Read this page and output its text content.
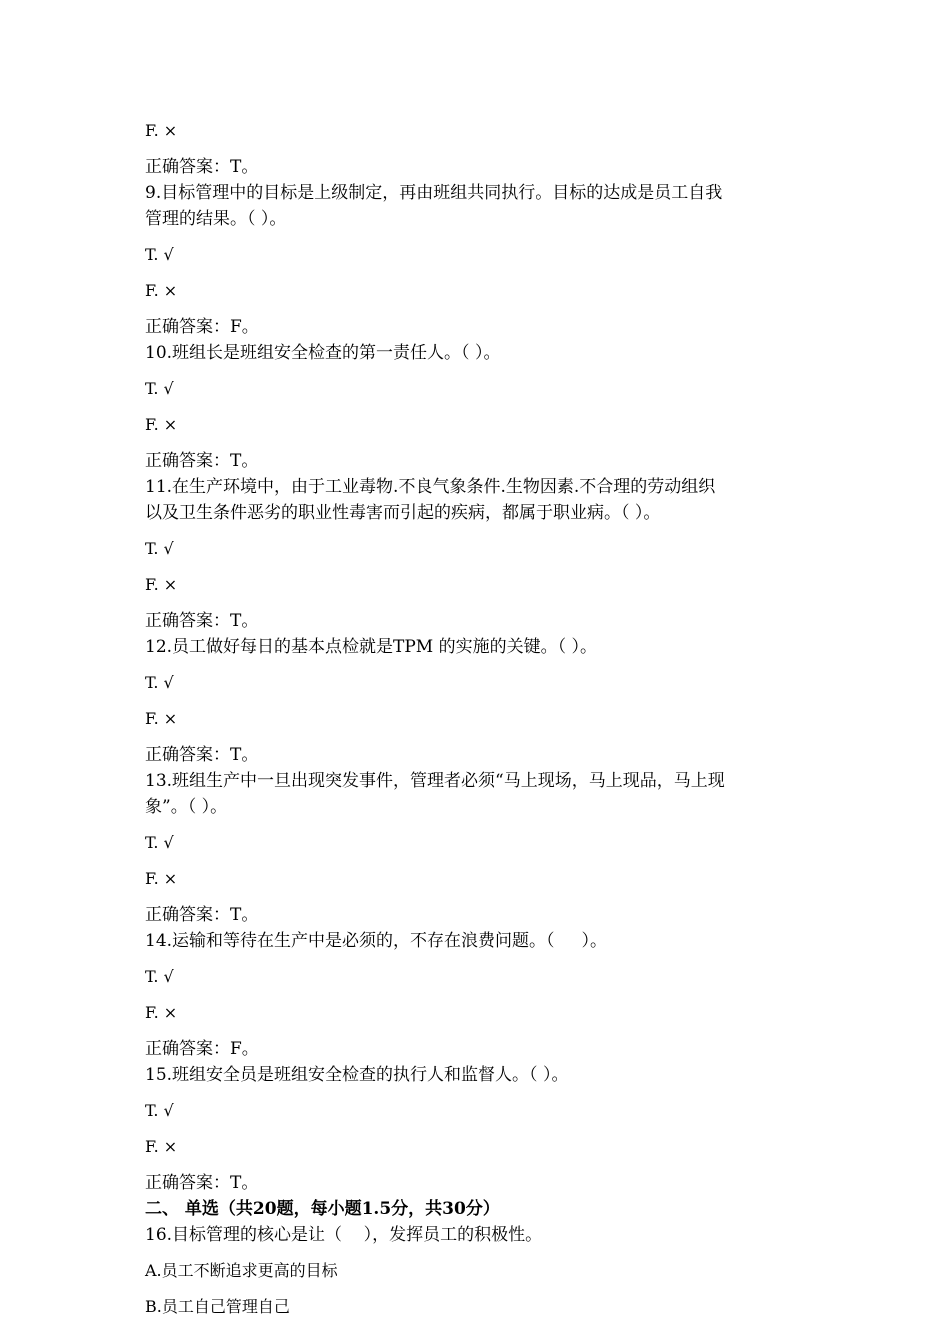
F. ×
正确答案：T。
9.目标管理中的目标是上级制定，再由班组共同执行。目标的达成是员工自我
管理的结果。（ ）。
T. √
F. ×
正确答案：F。
10.班组长是班组安全检查的第一责任人。（ ）。
T. √
F. ×
正确答案：T。
11.在生产环境中，由于工业毒物.不良气象条件.生物因素.不合理的劳动组织
以及卫生条件恶劣的职业性毒害而引起的疾病，都属于职业病。（ ）。
T. √
F. ×
正确答案：T。
12.员工做好每日的基本点检就是TPM 的实施的关键。（ ）。
T. √
F. ×
正确答案：T。
13.班组生产中一旦出现突发事件，管理者必须“马上现场，马上现品，马上现
象”。（ ）。
T. √
F. ×
正确答案：T。
14.运输和等待在生产中是必须的，不存在浪费问题。（     ）。
T. √
F. ×
正确答案：F。
15.班组安全员是班组安全检查的执行人和监督人。（ ）。
T. √
F. ×
正确答案：T。
二、 单选（共20题，每小题1.5分，共30分）
16.目标管理的核心是让（    ），发挥员工的积极性。
A.员工不断追求更高的目标
B.员工自己管理自己
